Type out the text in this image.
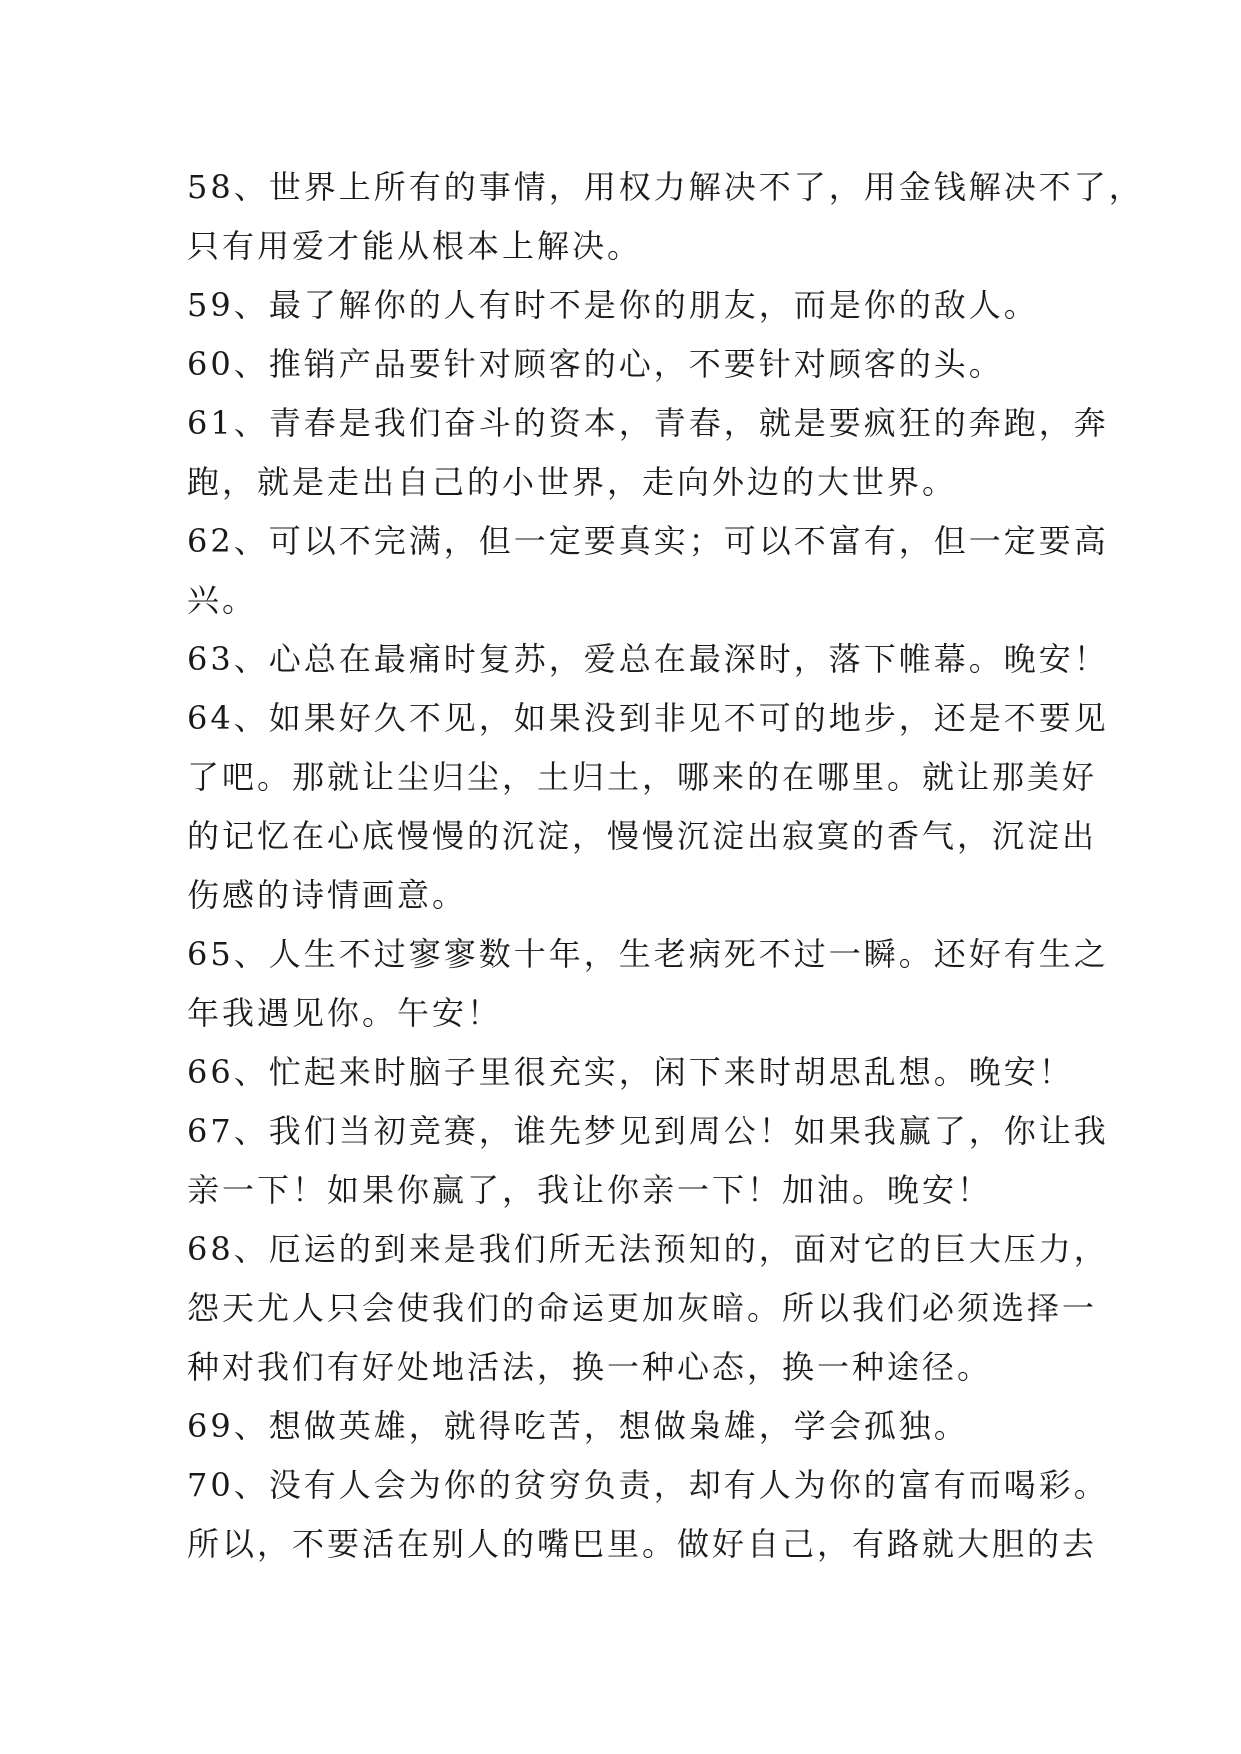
58、世界上所有的事情，用权力解决不了，用金钱解决不了，
只有用爱才能从根本上解决。
59、最了解你的人有时不是你的朋友，而是你的敌人。
60、推销产品要针对顾客的心，不要针对顾客的头。
61、青春是我们奋斗的资本，青春，就是要疯狂的奔跑，奔
跑，就是走出自己的小世界，走向外边的大世界。
62、可以不完满，但一定要真实；可以不富有，但一定要高
兴。
63、心总在最痛时复苏，爱总在最深时，落下帷幕。晚安！
64、如果好久不见，如果没到非见不可的地步，还是不要见
了吧。那就让尘归尘，土归土，哪来的在哪里。就让那美好
的记忆在心底慢慢的沉淀，慢慢沉淀出寂寞的香气，沉淀出
伤感的诗情画意。
65、人生不过寥寥数十年，生老病死不过一瞬。还好有生之
年我遇见你。午安！
66、忙起来时脑子里很充实，闲下来时胡思乱想。晚安！
67、我们当初竞赛，谁先梦见到周公！如果我赢了，你让我
亲一下！如果你赢了，我让你亲一下！加油。晚安！
68、厄运的到来是我们所无法预知的，面对它的巨大压力，
怨天尤人只会使我们的命运更加灰暗。所以我们必须选择一
种对我们有好处地活法，换一种心态，换一种途径。
69、想做英雄，就得吃苦，想做枭雄，学会孤独。
70、没有人会为你的贫穷负责，却有人为你的富有而喝彩。
所以，不要活在别人的嘴巴里。做好自己，有路就大胆的去
